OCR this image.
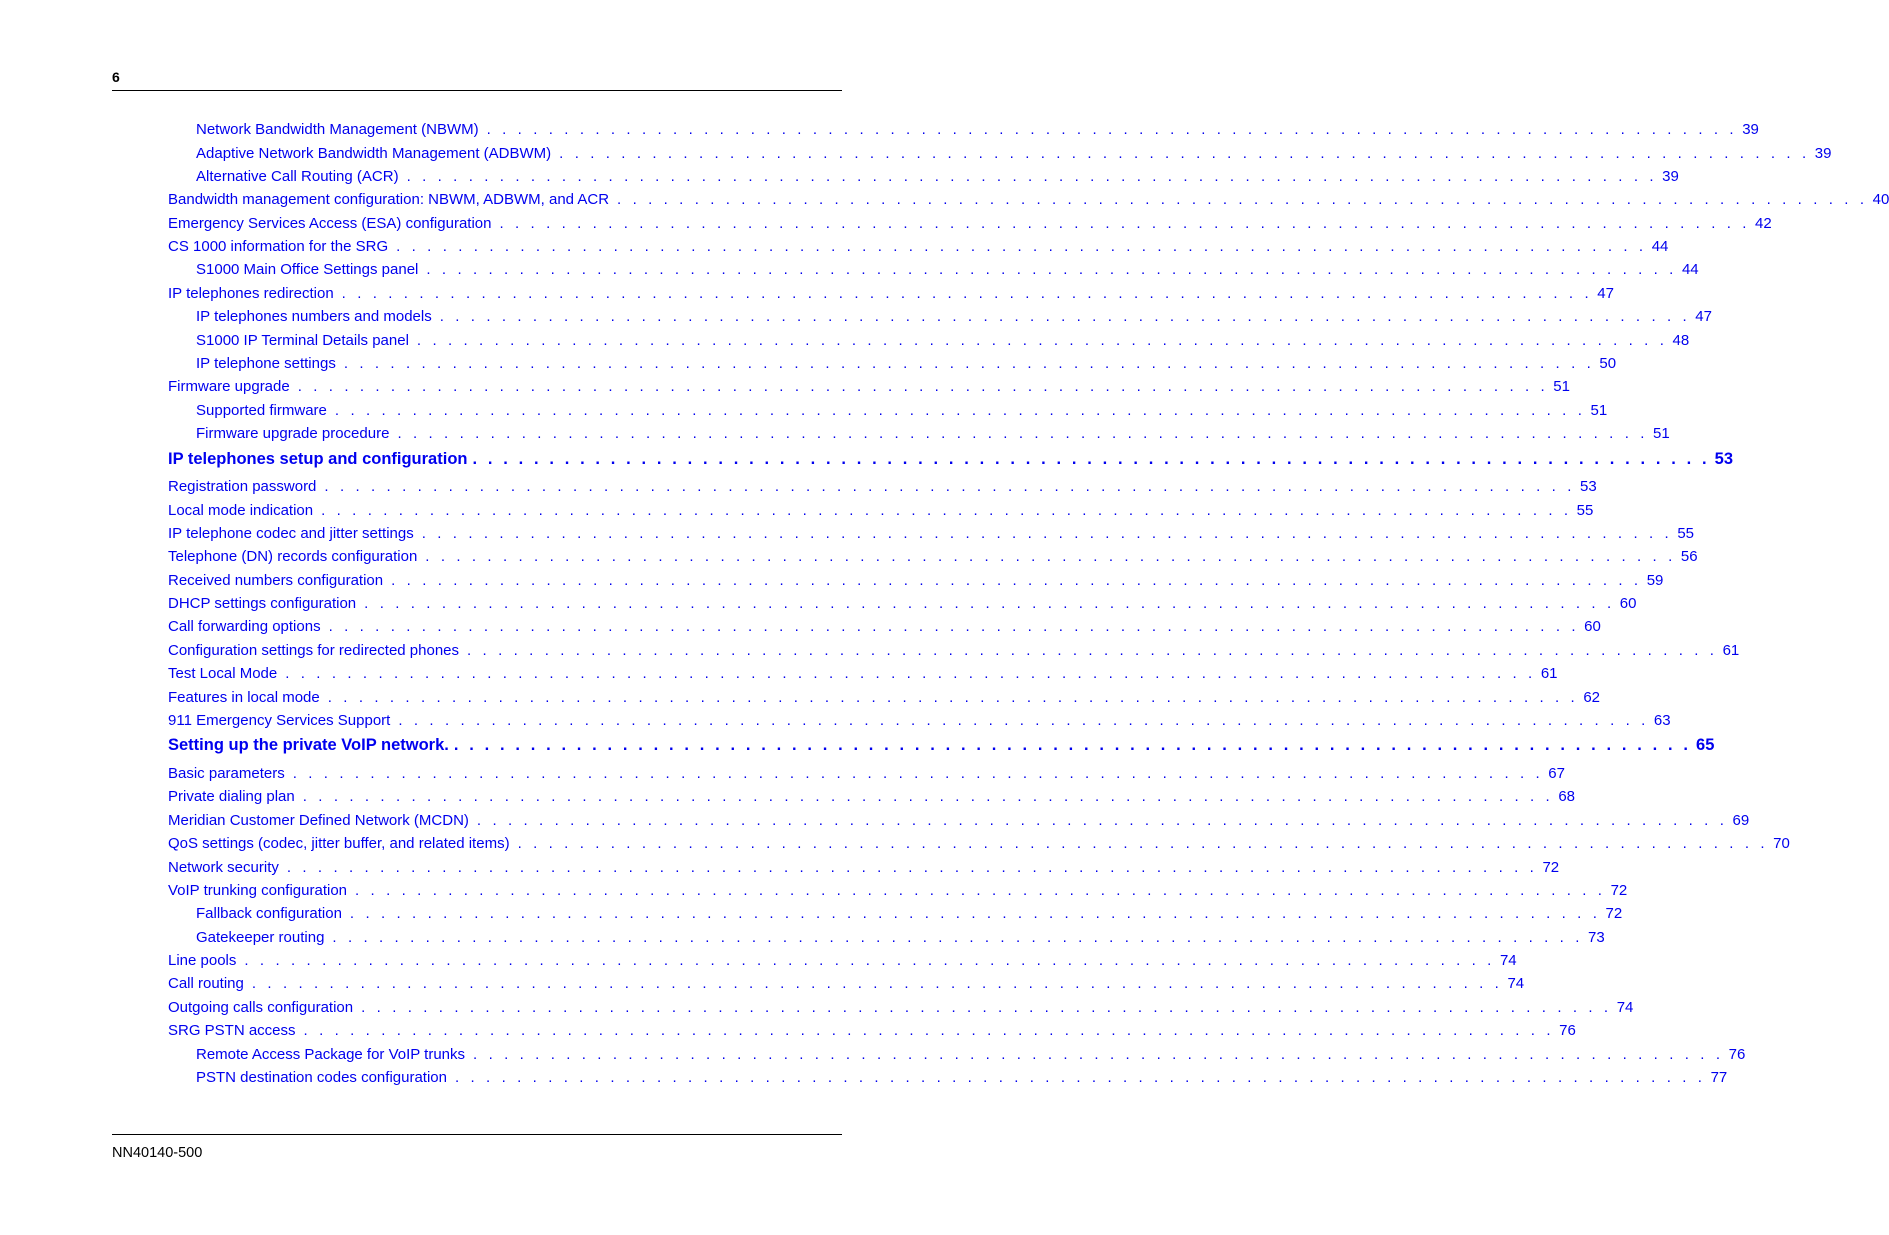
6
Network Bandwidth Management (NBWM) . . . . . . . . . . . . . . . . . . . . . . . . . . . . . . . . . . . . . . . . . . . . . . . . . . . . . . . . . . . . . . . . . . . . . . . . . . . . . . . . . 39
Adaptive Network Bandwidth Management (ADBWM) . . . . . . . . . . . . . . . . . . . . . . . . . . . . . . . . . . . . . . . . . . . . . . . . . . . . . . . . . . . . . . . . . . . . . . . . . . . . . . . . . 39
Alternative Call Routing (ACR) . . . . . . . . . . . . . . . . . . . . . . . . . . . . . . . . . . . . . . . . . . . . . . . . . . . . . . . . . . . . . . . . . . . . . . . . . . . . . . . . . 39
Bandwidth management configuration: NBWM, ADBWM, and ACR . . . . . . . . . . . . . . . . . . . . . . . . . . . . . . . . . . . . . . . . . . . . . . . . . . . . . . . . . . . . . . . . . . . . . . . . . . . . . . . . . 40
Emergency Services Access (ESA) configuration . . . . . . . . . . . . . . . . . . . . . . . . . . . . . . . . . . . . . . . . . . . . . . . . . . . . . . . . . . . . . . . . . . . . . . . . . . . . . . . . . 42
CS 1000 information for the SRG . . . . . . . . . . . . . . . . . . . . . . . . . . . . . . . . . . . . . . . . . . . . . . . . . . . . . . . . . . . . . . . . . . . . . . . . . . . . . . . . . 44
S1000 Main Office Settings panel . . . . . . . . . . . . . . . . . . . . . . . . . . . . . . . . . . . . . . . . . . . . . . . . . . . . . . . . . . . . . . . . . . . . . . . . . . . . . . . . . 44
IP telephones redirection . . . . . . . . . . . . . . . . . . . . . . . . . . . . . . . . . . . . . . . . . . . . . . . . . . . . . . . . . . . . . . . . . . . . . . . . . . . . . . . . . 47
IP telephones numbers and models . . . . . . . . . . . . . . . . . . . . . . . . . . . . . . . . . . . . . . . . . . . . . . . . . . . . . . . . . . . . . . . . . . . . . . . . . . . . . . . . . 47
S1000 IP Terminal Details panel . . . . . . . . . . . . . . . . . . . . . . . . . . . . . . . . . . . . . . . . . . . . . . . . . . . . . . . . . . . . . . . . . . . . . . . . . . . . . . . . . 48
IP telephone settings . . . . . . . . . . . . . . . . . . . . . . . . . . . . . . . . . . . . . . . . . . . . . . . . . . . . . . . . . . . . . . . . . . . . . . . . . . . . . . . . . 50
Firmware upgrade . . . . . . . . . . . . . . . . . . . . . . . . . . . . . . . . . . . . . . . . . . . . . . . . . . . . . . . . . . . . . . . . . . . . . . . . . . . . . . . . . 51
Supported firmware . . . . . . . . . . . . . . . . . . . . . . . . . . . . . . . . . . . . . . . . . . . . . . . . . . . . . . . . . . . . . . . . . . . . . . . . . . . . . . . . . 51
Firmware upgrade procedure . . . . . . . . . . . . . . . . . . . . . . . . . . . . . . . . . . . . . . . . . . . . . . . . . . . . . . . . . . . . . . . . . . . . . . . . . . . . . . . . . 51
IP telephones setup and configuration . . . . . . . . . . . . . . . . . . . . . . . . . . . . . . . . . . . . . . . . . . . . . . . . . . . . . . . . . . . . . . . . . . . . . . . . . . . . . . . . . 53
Registration password . . . . . . . . . . . . . . . . . . . . . . . . . . . . . . . . . . . . . . . . . . . . . . . . . . . . . . . . . . . . . . . . . . . . . . . . . . . . . . . . . 53
Local mode indication . . . . . . . . . . . . . . . . . . . . . . . . . . . . . . . . . . . . . . . . . . . . . . . . . . . . . . . . . . . . . . . . . . . . . . . . . . . . . . . . . 55
IP telephone codec and jitter settings . . . . . . . . . . . . . . . . . . . . . . . . . . . . . . . . . . . . . . . . . . . . . . . . . . . . . . . . . . . . . . . . . . . . . . . . . . . . . . . . . 55
Telephone (DN) records configuration . . . . . . . . . . . . . . . . . . . . . . . . . . . . . . . . . . . . . . . . . . . . . . . . . . . . . . . . . . . . . . . . . . . . . . . . . . . . . . . . . 56
Received numbers configuration . . . . . . . . . . . . . . . . . . . . . . . . . . . . . . . . . . . . . . . . . . . . . . . . . . . . . . . . . . . . . . . . . . . . . . . . . . . . . . . . . 59
DHCP settings configuration . . . . . . . . . . . . . . . . . . . . . . . . . . . . . . . . . . . . . . . . . . . . . . . . . . . . . . . . . . . . . . . . . . . . . . . . . . . . . . . . . 60
Call forwarding options . . . . . . . . . . . . . . . . . . . . . . . . . . . . . . . . . . . . . . . . . . . . . . . . . . . . . . . . . . . . . . . . . . . . . . . . . . . . . . . . . 60
Configuration settings for redirected phones . . . . . . . . . . . . . . . . . . . . . . . . . . . . . . . . . . . . . . . . . . . . . . . . . . . . . . . . . . . . . . . . . . . . . . . . . . . . . . . . . 61
Test Local Mode . . . . . . . . . . . . . . . . . . . . . . . . . . . . . . . . . . . . . . . . . . . . . . . . . . . . . . . . . . . . . . . . . . . . . . . . . . . . . . . . . 61
Features in local mode . . . . . . . . . . . . . . . . . . . . . . . . . . . . . . . . . . . . . . . . . . . . . . . . . . . . . . . . . . . . . . . . . . . . . . . . . . . . . . . . . 62
911 Emergency Services Support . . . . . . . . . . . . . . . . . . . . . . . . . . . . . . . . . . . . . . . . . . . . . . . . . . . . . . . . . . . . . . . . . . . . . . . . . . . . . . . . . 63
Setting up the private VoIP network. . . . . . . . . . . . . . . . . . . . . . . . . . . . . . . . . . . . . . . . . . . . . . . . . . . . . . . . . . . . . . . . . . . . . . . . . . . . . . . . . . 65
Basic parameters . . . . . . . . . . . . . . . . . . . . . . . . . . . . . . . . . . . . . . . . . . . . . . . . . . . . . . . . . . . . . . . . . . . . . . . . . . . . . . . . . 67
Private dialing plan . . . . . . . . . . . . . . . . . . . . . . . . . . . . . . . . . . . . . . . . . . . . . . . . . . . . . . . . . . . . . . . . . . . . . . . . . . . . . . . . . 68
Meridian Customer Defined Network (MCDN) . . . . . . . . . . . . . . . . . . . . . . . . . . . . . . . . . . . . . . . . . . . . . . . . . . . . . . . . . . . . . . . . . . . . . . . . . . . . . . . . . 69
QoS settings (codec, jitter buffer, and related items) . . . . . . . . . . . . . . . . . . . . . . . . . . . . . . . . . . . . . . . . . . . . . . . . . . . . . . . . . . . . . . . . . . . . . . . . . . . . . . . . . 70
Network security . . . . . . . . . . . . . . . . . . . . . . . . . . . . . . . . . . . . . . . . . . . . . . . . . . . . . . . . . . . . . . . . . . . . . . . . . . . . . . . . . 72
VoIP trunking configuration . . . . . . . . . . . . . . . . . . . . . . . . . . . . . . . . . . . . . . . . . . . . . . . . . . . . . . . . . . . . . . . . . . . . . . . . . . . . . . . . . 72
Fallback configuration . . . . . . . . . . . . . . . . . . . . . . . . . . . . . . . . . . . . . . . . . . . . . . . . . . . . . . . . . . . . . . . . . . . . . . . . . . . . . . . . . 72
Gatekeeper routing . . . . . . . . . . . . . . . . . . . . . . . . . . . . . . . . . . . . . . . . . . . . . . . . . . . . . . . . . . . . . . . . . . . . . . . . . . . . . . . . . 73
Line pools . . . . . . . . . . . . . . . . . . . . . . . . . . . . . . . . . . . . . . . . . . . . . . . . . . . . . . . . . . . . . . . . . . . . . . . . . . . . . . . . . 74
Call routing . . . . . . . . . . . . . . . . . . . . . . . . . . . . . . . . . . . . . . . . . . . . . . . . . . . . . . . . . . . . . . . . . . . . . . . . . . . . . . . . . 74
Outgoing calls configuration . . . . . . . . . . . . . . . . . . . . . . . . . . . . . . . . . . . . . . . . . . . . . . . . . . . . . . . . . . . . . . . . . . . . . . . . . . . . . . . . . 74
SRG PSTN access . . . . . . . . . . . . . . . . . . . . . . . . . . . . . . . . . . . . . . . . . . . . . . . . . . . . . . . . . . . . . . . . . . . . . . . . . . . . . . . . . 76
Remote Access Package for VoIP trunks . . . . . . . . . . . . . . . . . . . . . . . . . . . . . . . . . . . . . . . . . . . . . . . . . . . . . . . . . . . . . . . . . . . . . . . . . . . . . . . . . 76
PSTN destination codes configuration . . . . . . . . . . . . . . . . . . . . . . . . . . . . . . . . . . . . . . . . . . . . . . . . . . . . . . . . . . . . . . . . . . . . . . . . . . . . . . . . . 77
NN40140-500
